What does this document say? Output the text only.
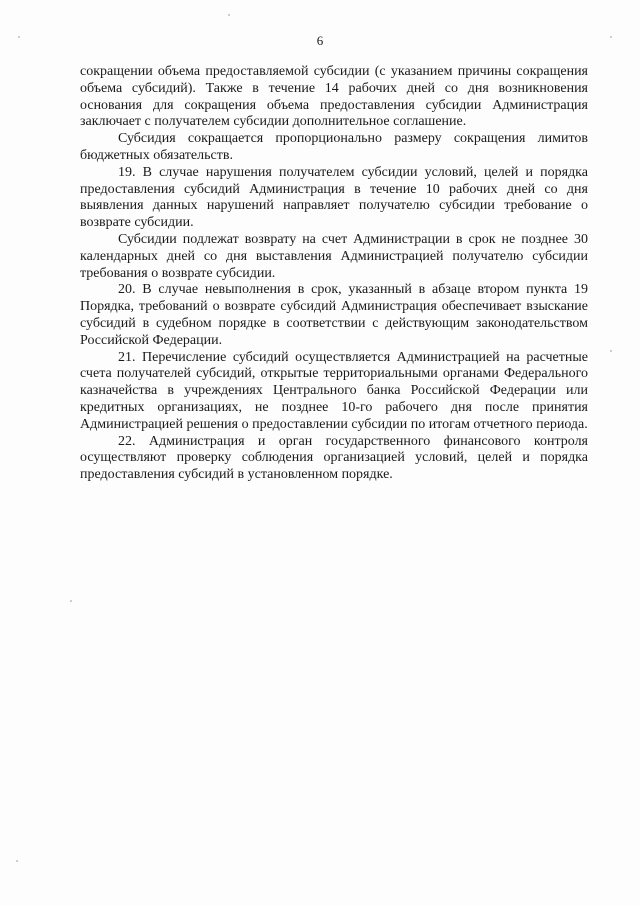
6

сокращении объема предоставляемой субсидии (с указанием причины сокращения объема субсидий). Также в течение 14 рабочих дней со дня возникновения основания для сокращения объема предоставления субсидии Администрация заключает с получателем субсидии дополнительное соглашение.

Субсидия сокращается пропорционально размеру сокращения лимитов бюджетных обязательств.

19. В случае нарушения получателем субсидии условий, целей и порядка предоставления субсидий Администрация в течение 10 рабочих дней со дня выявления данных нарушений направляет получателю субсидии требование о возврате субсидии.

Субсидии подлежат возврату на счет Администрации в срок не позднее 30 календарных дней со дня выставления Администрацией получателю субсидии требования о возврате субсидии.

20. В случае невыполнения в срок, указанный в абзаце втором пункта 19 Порядка, требований о возврате субсидий Администрация обеспечивает взыскание субсидий в судебном порядке в соответствии с действующим законодательством Российской Федерации.

21. Перечисление субсидий осуществляется Администрацией на расчетные счета получателей субсидий, открытые территориальными органами Федерального казначейства в учреждениях Центрального банка Российской Федерации или кредитных организациях, не позднее 10-го рабочего дня после принятия Администрацией решения о предоставлении субсидии по итогам отчетного периода.

22. Администрация и орган государственного финансового контроля осуществляют проверку соблюдения организацией условий, целей и порядка предоставления субсидий в установленном порядке.
